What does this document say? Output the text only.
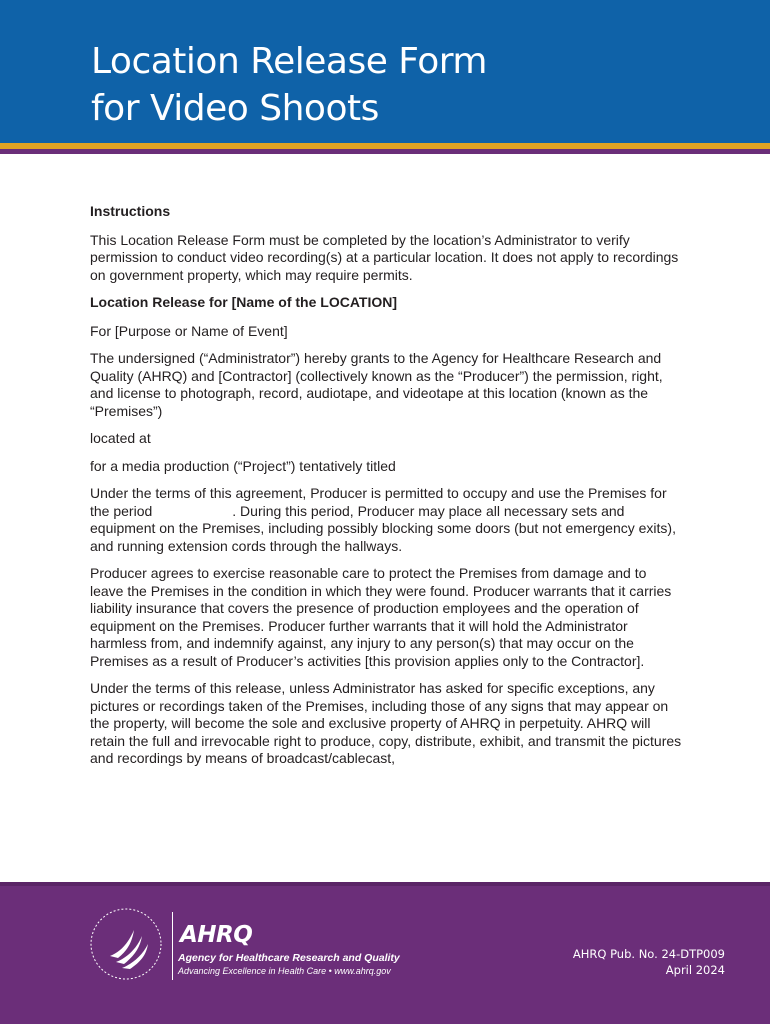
Location Release Form
for Video Shoots

Instructions

This Location Release Form must be completed by the location’s Administrator to verify permission to conduct video recording(s) at a particular location. It does not apply to recordings on government property, which may require permits.

Location Release for [Name of the LOCATION]

For [Purpose or Name of Event]

The undersigned (“Administrator”) hereby grants to the Agency for Healthcare Research and Quality (AHRQ) and [Contractor] (collectively known as the “Producer”) the permission, right, and license to photograph, record, audiotape, and videotape at this location (known as the “Premises”)

located at

for a media production (“Project”) tentatively titled

Under the terms of this agreement, Producer is permitted to occupy and use the Premises for the period	. During this period, Producer may place all necessary sets and equipment on the Premises, including possibly blocking some doors (but not emergency exits), and running extension cords through the hallways.

Producer agrees to exercise reasonable care to protect the Premises from damage and to leave the Premises in the condition in which they were found. Producer warrants that it carries liability insurance that covers the presence of production employees and the operation of equipment on the Premises. Producer further warrants that it will hold the Administrator harmless from, and indemnify against, any injury to any person(s) that may occur on the Premises as a result of Producer’s activities [this provision applies only to the Contractor].

Under the terms of this release, unless Administrator has asked for specific exceptions, any pictures or recordings taken of the Premises, including those of any signs that may appear on the property, will become the sole and exclusive property of AHRQ in perpetuity. AHRQ will retain the full and irrevocable right to produce, copy, distribute, exhibit, and transmit the pictures and recordings by means of broadcast/cablecast,

AHRQ
Agency for Healthcare Research and Quality
Advancing Excellence in Health Care • www.ahrq.gov
AHRQ Pub. No. 24-DTP009
April 2024
